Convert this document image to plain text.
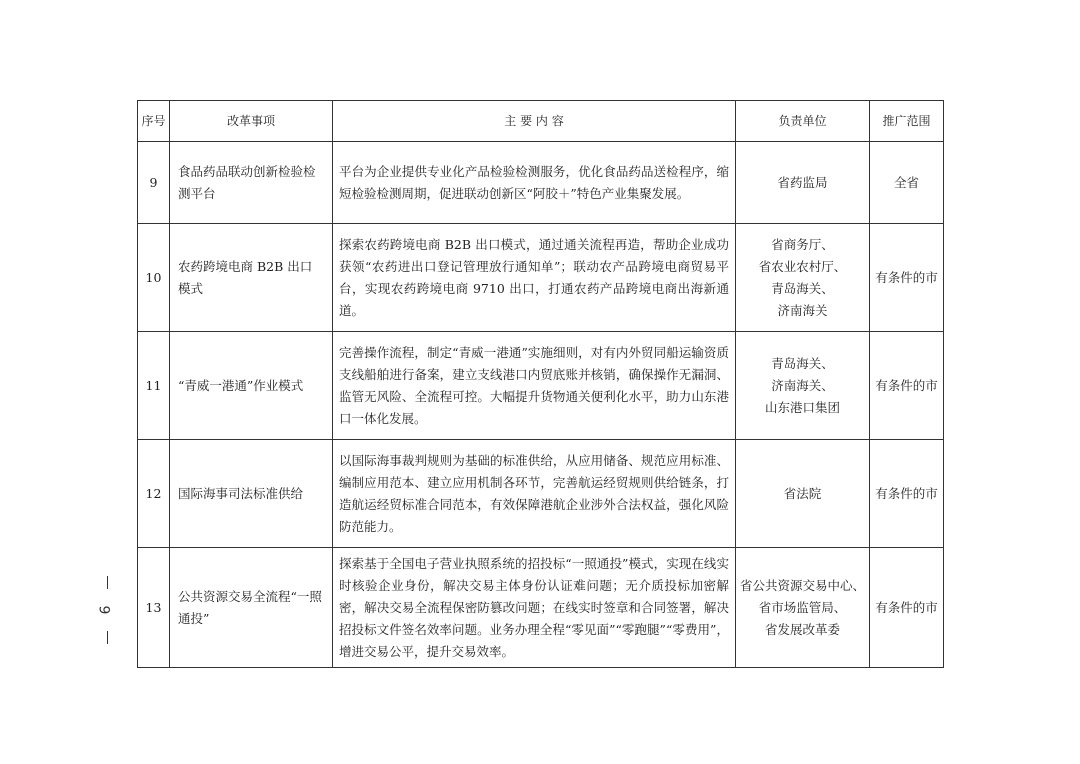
序号	改革事项	主 要 内 容	负责单位	推广范围
9	食品药品联动创新检验检测平台	平台为企业提供专业化产品检验检测服务，优化食品药品送检程序，缩短检验检测周期，促进联动创新区“阿胶＋”特色产业集聚发展。	省药监局	全省
10	农药跨境电商 B2B 出口模式	探索农药跨境电商 B2B 出口模式，通过通关流程再造，帮助企业成功获领“农药进出口登记管理放行通知单”；联动农产品跨境电商贸易平台，实现农药跨境电商 9710 出口，打通农药产品跨境电商出海新通道。	省商务厅、
省农业农村厅、
青岛海关、
济南海关	有条件的市
11	“青威一港通”作业模式	完善操作流程，制定“青威一港通”实施细则，对有内外贸同船运输资质支线船舶进行备案，建立支线港口内贸底账并核销，确保操作无漏洞、监管无风险、全流程可控。大幅提升货物通关便利化水平，助力山东港口一体化发展。	青岛海关、
济南海关、
山东港口集团	有条件的市
12	国际海事司法标准供给	以国际海事裁判规则为基础的标准供给，从应用储备、规范应用标准、编制应用范本、建立应用机制各环节，完善航运经贸规则供给链条，打造航运经贸标准合同范本，有效保障港航企业涉外合法权益，强化风险防范能力。	省法院	有条件的市
13	公共资源交易全流程“一照通投”	探索基于全国电子营业执照系统的招投标“一照通投”模式，实现在线实时核验企业身份，解决交易主体身份认证难问题；无介质投标加密解密，解决交易全流程保密防篡改问题；在线实时签章和合同签署，解决招投标文件签名效率问题。业务办理全程“零见面”“零跑腿”“零费用”，增进交易公平，提升交易效率。	省公共资源交易中心、
省市场监管局、
省发展改革委	有条件的市
9
